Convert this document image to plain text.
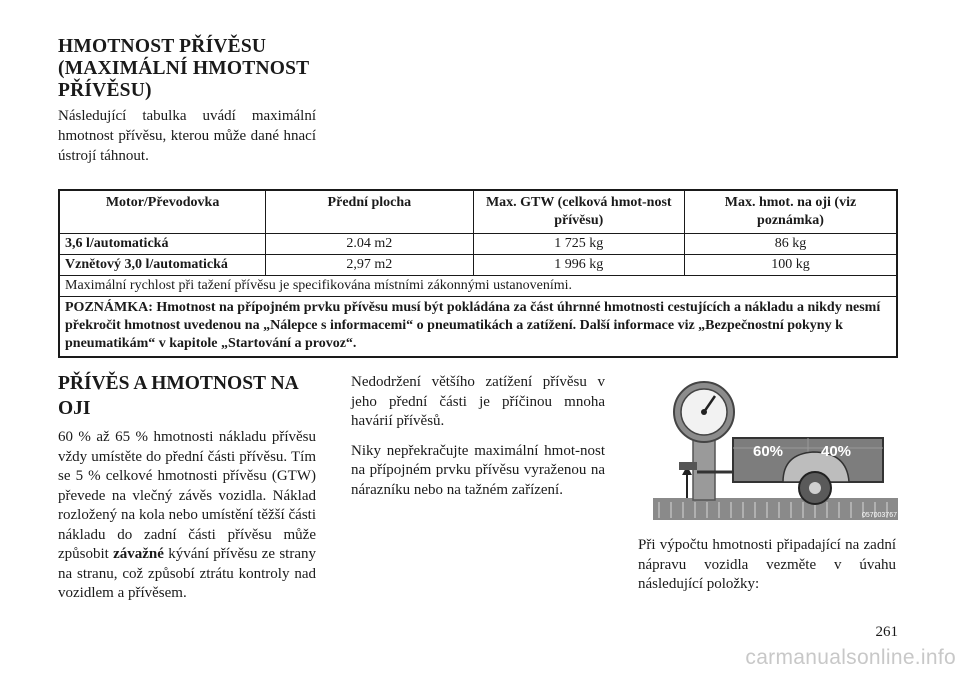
HMOTNOST PŘÍVĚSU (MAXIMÁLNÍ HMOTNOST PŘÍVĚSU)

Následující tabulka uvádí maximální hmotnost přívěsu, kterou může dané hnací ústrojí táhnout.

Motor/Převodovka	Přední plocha	Max. GTW (celková hmot-nost přívěsu)	Max. hmot. na oji (viz poznámka)
3,6 l/automatická	2.04 m2	1 725 kg	86 kg
Vznětový 3,0 l/automatická	2,97 m2	1 996 kg	100 kg
Maximální rychlost při tažení přívěsu je specifikována místními zákonnými ustanoveními.			
POZNÁMKA: Hmotnost na přípojném prvku přívěsu musí být pokládána za část úhrnné hmotnosti cestujících a nákladu a nikdy nesmí překročit hmotnost uvedenou na „Nálepce s informacemi“ o pneumatikách a zatížení. Další informace viz „Bezpečnostní pokyny k pneumatikám“ v kapitole „Startování a provoz“.			
PŘÍVĚS A HMOTNOST NA OJI

60 % až 65 % hmotnosti nákladu přívěsu vždy umístěte do přední části přívěsu. Tím se 5 % celkové hmotnosti přívěsu (GTW) převede na vlečný závěs vozidla. Náklad rozložený na kola nebo umístění těžší části nákladu do zadní části přívěsu může způsobit závažné kývání přívěsu ze strany na stranu, což způsobí ztrátu kontroly nad vozidlem a přívěsem.

Nedodržení většího zatížení přívěsu v jeho přední části je příčinou mnoha havárií přívěsů.

Niky nepřekračujte maximální hmot-nost na přípojném prvku přívěsu vyraženou na nárazníku nebo na tažném zařízení.

60%	40%
057003767

Při výpočtu hmotnosti připadající na zadní nápravu vozidla vezměte v úvahu následující položky:

261
carmanualsonline.info
